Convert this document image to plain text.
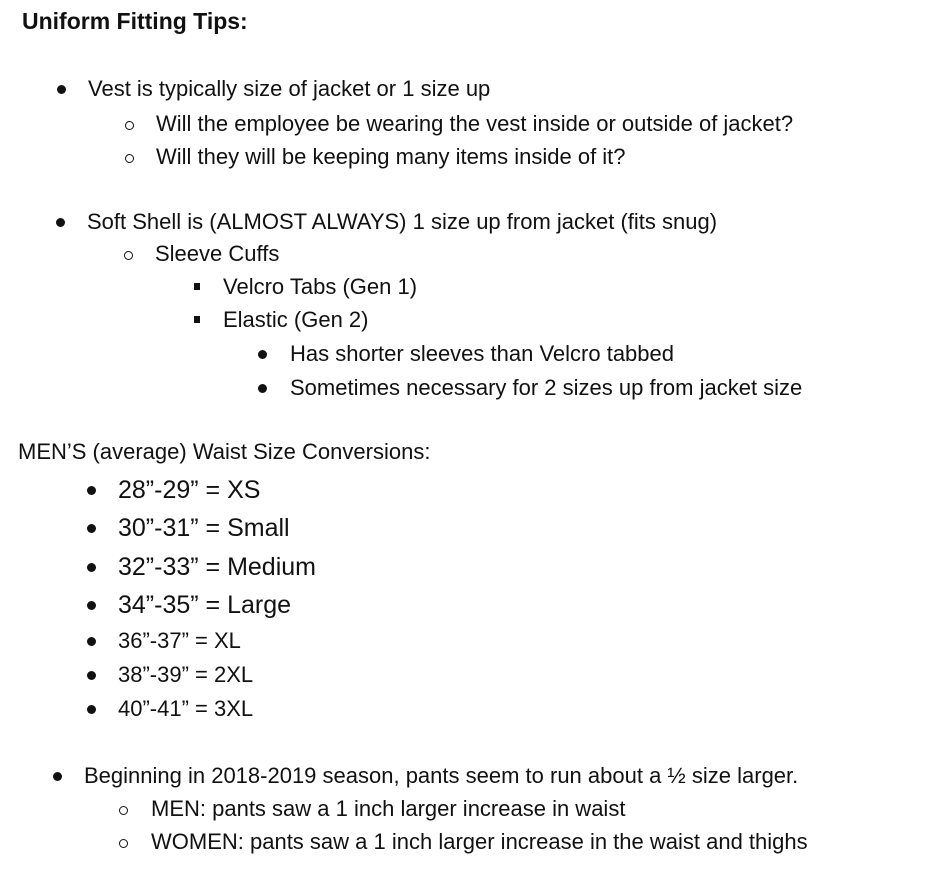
Uniform Fitting Tips:
Vest is typically size of jacket or 1 size up
Will the employee be wearing the vest inside or outside of jacket?
Will they will be keeping many items inside of it?
Soft Shell is (ALMOST ALWAYS) 1 size up from jacket (fits snug)
Sleeve Cuffs
Velcro Tabs (Gen 1)
Elastic (Gen 2)
Has shorter sleeves than Velcro tabbed
Sometimes necessary for 2 sizes up from jacket size
MEN’S (average) Waist Size Conversions:
28”-29” = XS
30”-31” = Small
32”-33” = Medium
34”-35” = Large
36”-37” = XL
38”-39” = 2XL
40”-41” = 3XL
Beginning in 2018-2019 season, pants seem to run about a ½ size larger.
MEN: pants saw a 1 inch larger increase in waist
WOMEN: pants saw a 1 inch larger increase in the waist and thighs
